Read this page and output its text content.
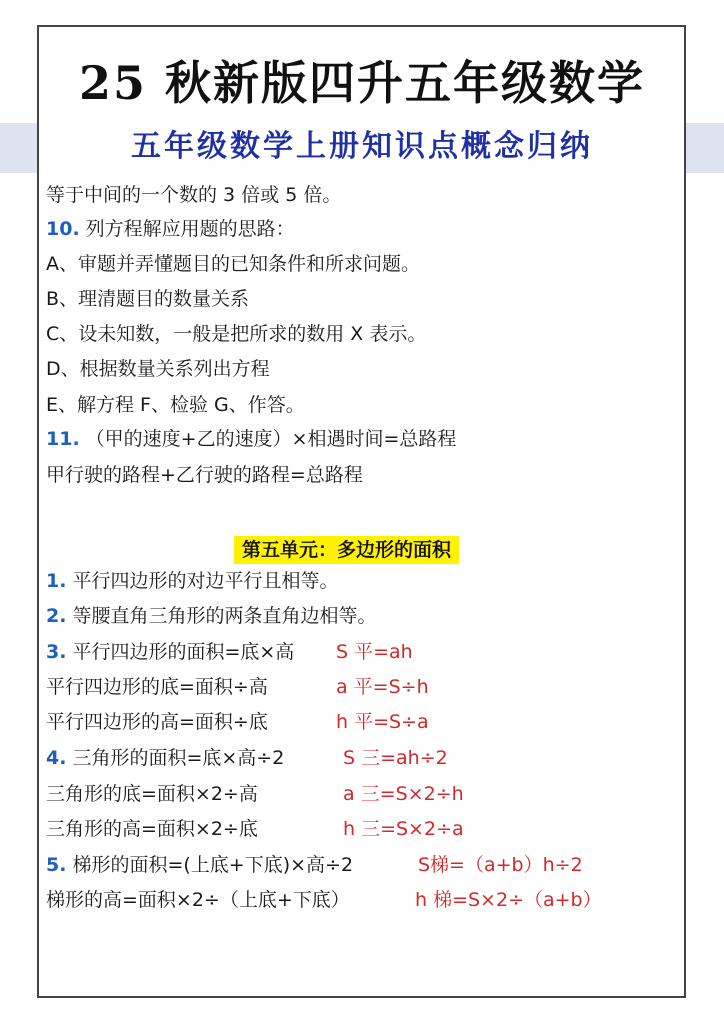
25 秋新版四升五年级数学
五年级数学上册知识点概念归纳
等于中间的一个数的 3 倍或 5 倍。
10. 列方程解应用题的思路：
A、审题并弄懂题目的已知条件和所求问题。
B、理清题目的数量关系
C、设未知数，一般是把所求的数用 X 表示。
D、根据数量关系列出方程
E、解方程 F、检验 G、作答。
11. （甲的速度+乙的速度）×相遇时间=总路程
甲行驶的路程+乙行驶的路程=总路程
第五单元：多边形的面积
1. 平行四边形的对边平行且相等。
2. 等腰直角三角形的两条直角边相等。
3. 平行四边形的面积=底×高 S 平=ah
平行四边形的底=面积÷高	a 平=S÷h
平行四边形的高=面积÷底	h 平=S÷a
4. 三角形的面积=底×高÷2	S 三=ah÷2
三角形的底=面积×2÷高	a 三=S×2÷h
三角形的高=面积×2÷底	h 三=S×2÷a
5. 梯形的面积=(上底+下底)×高÷2	S梯=（a+b）h÷2
梯形的高=面积×2÷（上底+下底）	h 梯=S×2÷（a+b）
